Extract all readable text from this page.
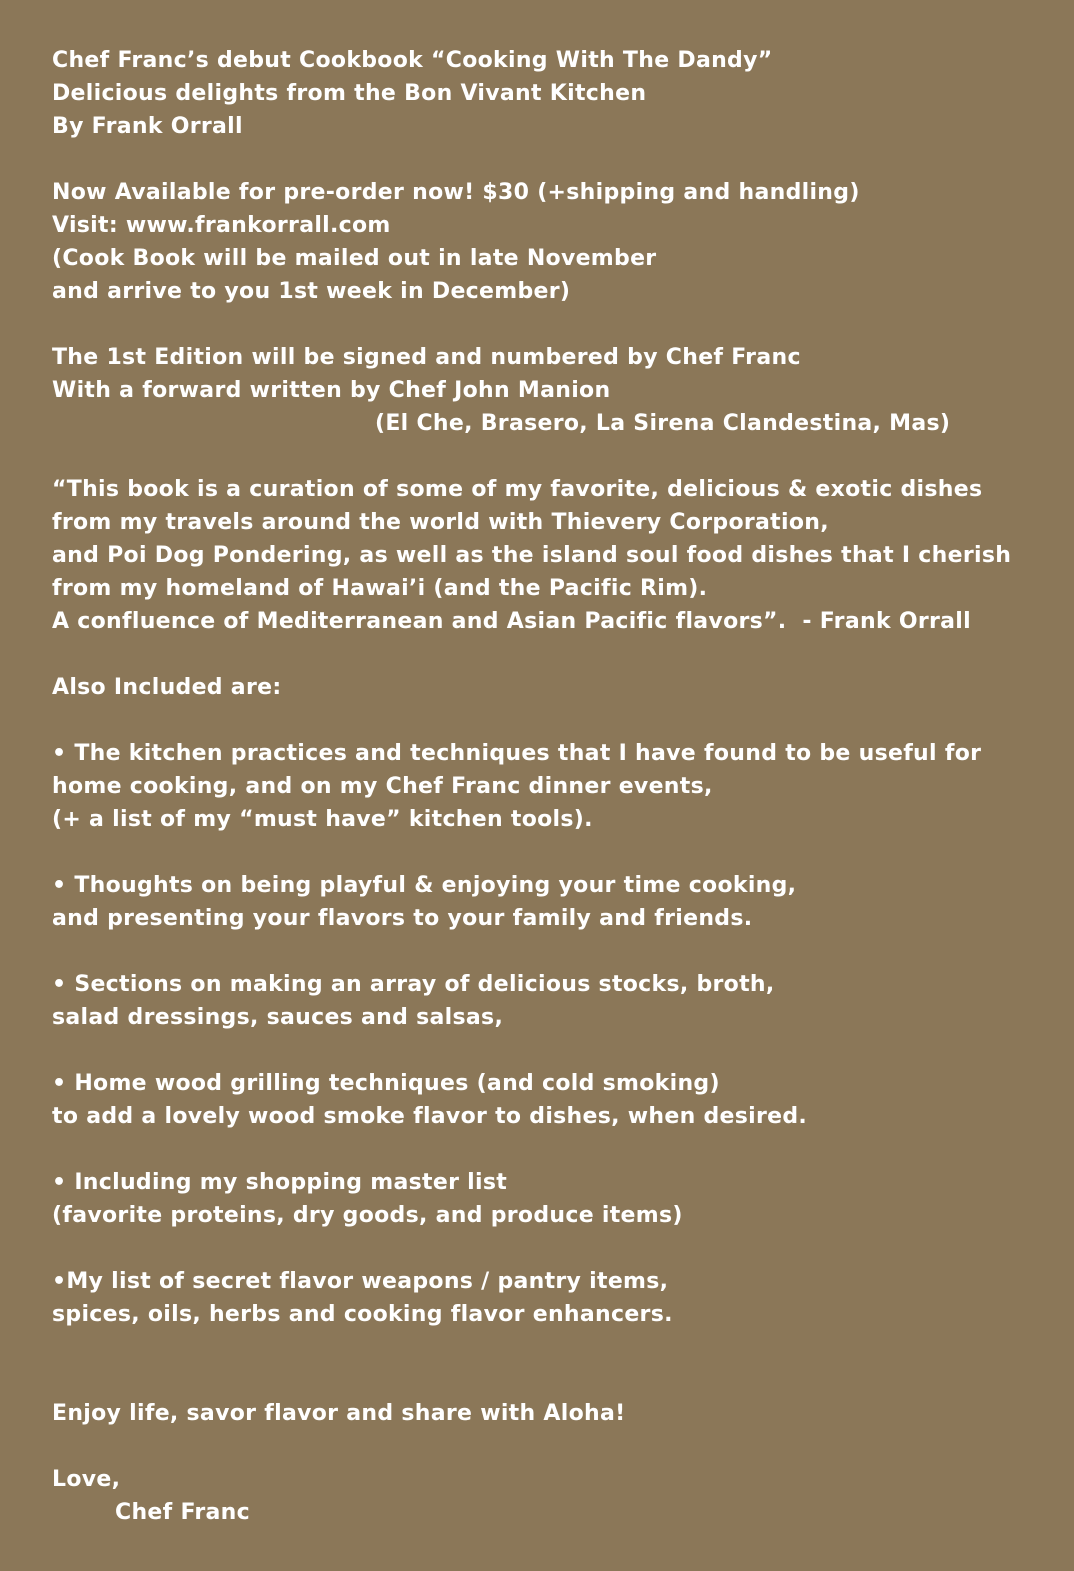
Chef Franc’s debut Cookbook “Cooking With The Dandy”
Delicious delights from the Bon Vivant Kitchen
By Frank Orrall
Now Available for pre-order now! $30 (+shipping and handling)
Visit: www.frankorrall.com
(Cook Book will be mailed out in late November
and arrive to you 1st week in December)
The 1st Edition will be signed and numbered by Chef Franc
With a forward written by Chef John Manion
(El Che, Brasero, La Sirena Clandestina, Mas)
“This book is a curation of some of my favorite, delicious & exotic dishes
from my travels around the world with Thievery Corporation,
and Poi Dog Pondering, as well as the island soul food dishes that I cherish
from my homeland of Hawai’i (and the Pacific Rim).
A confluence of Mediterranean and Asian Pacific flavors”.  - Frank Orrall
Also Included are:
• The kitchen practices and techniques that I have found to be useful for
home cooking, and on my Chef Franc dinner events,
(+ a list of my “must have” kitchen tools).
• Thoughts on being playful & enjoying your time cooking,
and presenting your flavors to your family and friends.
• Sections on making an array of delicious stocks, broth,
salad dressings, sauces and salsas,
• Home wood grilling techniques (and cold smoking)
to add a lovely wood smoke flavor to dishes, when desired.
• Including my shopping master list
(favorite proteins, dry goods, and produce items)
•My list of secret flavor weapons / pantry items,
spices, oils, herbs and cooking flavor enhancers.
Enjoy life, savor flavor and share with Aloha!
Love,
Chef Franc
